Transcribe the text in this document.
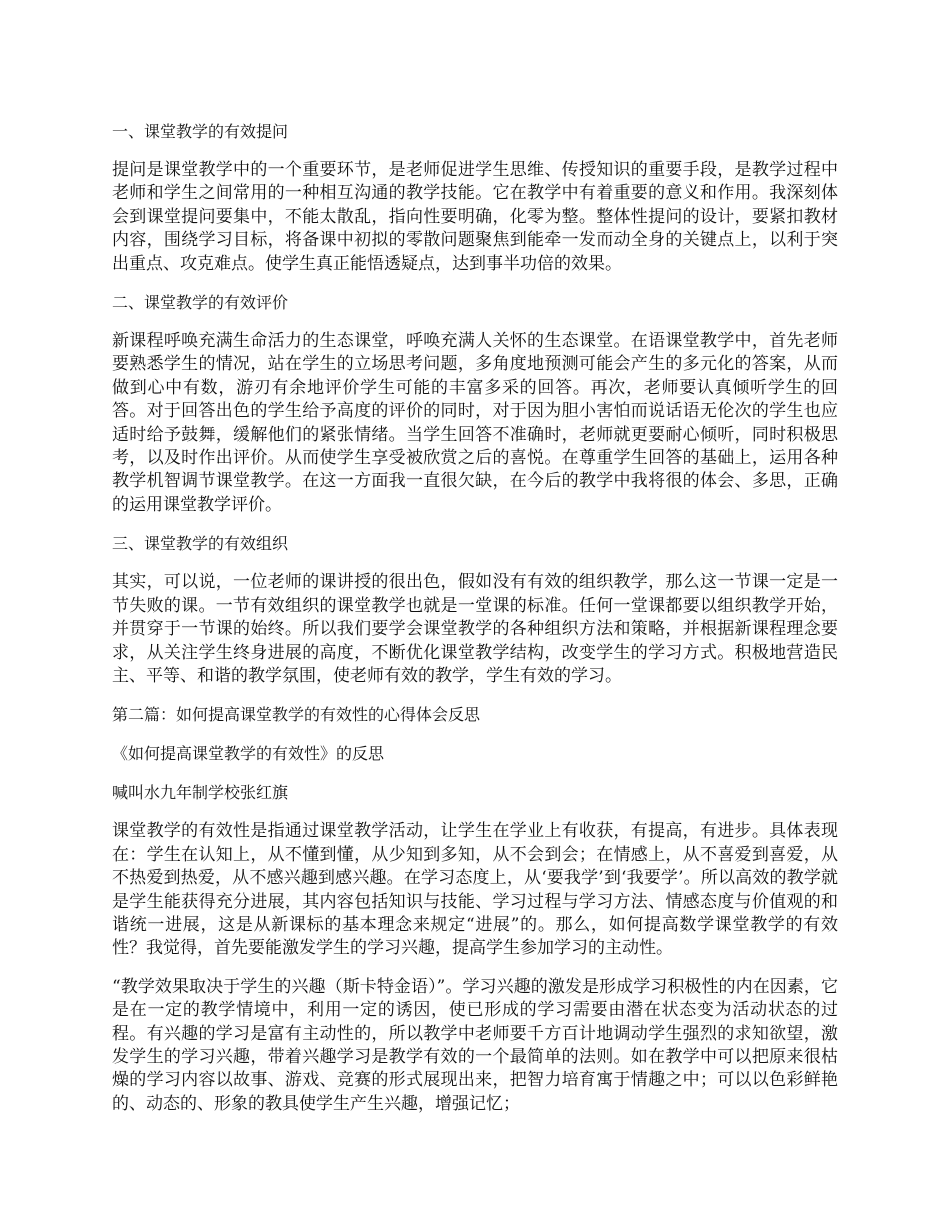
一、课堂教学的有效提问

提问是课堂教学中的一个重要环节，是老师促进学生思维、传授知识的重要手段，是教学过程中老师和学生之间常用的一种相互沟通的教学技能。它在教学中有着重要的意义和作用。我深刻体会到课堂提问要集中，不能太散乱，指向性要明确，化零为整。整体性提问的设计，要紧扣教材内容，围绕学习目标，将备课中初拟的零散问题聚焦到能牵一发而动全身的关键点上，以利于突出重点、攻克难点。使学生真正能悟透疑点，达到事半功倍的效果。

二、课堂教学的有效评价

新课程呼唤充满生命活力的生态课堂，呼唤充满人关怀的生态课堂。在语课堂教学中，首先老师要熟悉学生的情况，站在学生的立场思考问题，多角度地预测可能会产生的多元化的答案，从而做到心中有数，游刃有余地评价学生可能的丰富多采的回答。再次，老师要认真倾听学生的回答。对于回答出色的学生给予高度的评价的同时，对于因为胆小害怕而说话语无伦次的学生也应适时给予鼓舞，缓解他们的紧张情绪。当学生回答不准确时，老师就更要耐心倾听，同时积极思考，以及时作出评价。从而使学生享受被欣赏之后的喜悦。在尊重学生回答的基础上，运用各种教学机智调节课堂教学。在这一方面我一直很欠缺，在今后的教学中我将很的体会、多思，正确的运用课堂教学评价。

三、课堂教学的有效组织

其实，可以说，一位老师的课讲授的很出色，假如没有有效的组织教学，那么这一节课一定是一节失败的课。一节有效组织的课堂教学也就是一堂课的标准。任何一堂课都要以组织教学开始，并贯穿于一节课的始终。所以我们要学会课堂教学的各种组织方法和策略，并根据新课程理念要求，从关注学生终身进展的高度，不断优化课堂教学结构，改变学生的学习方式。积极地营造民主、平等、和谐的教学氛围，使老师有效的教学，学生有效的学习。

第二篇：如何提高课堂教学的有效性的心得体会反思
《如何提高课堂教学的有效性》的反思
喊叫水九年制学校张红旗

课堂教学的有效性是指通过课堂教学活动，让学生在学业上有收获，有提高，有进步。具体表现在：学生在认知上，从不懂到懂，从少知到多知，从不会到会；在情感上，从不喜爱到喜爱，从不热爱到热爱，从不感兴趣到感兴趣。在学习态度上，从‘要我学’到‘我要学’。所以高效的教学就是学生能获得充分进展，其内容包括知识与技能、学习过程与学习方法、情感态度与价值观的和谐统一进展，这是从新课标的基本理念来规定“进展”的。那么，如何提高数学课堂教学的有效性？我觉得，首先要能激发学生的学习兴趣，提高学生参加学习的主动性。

“教学效果取决于学生的兴趣（斯卡特金语）”。学习兴趣的激发是形成学习积极性的内在因素，它是在一定的教学情境中，利用一定的诱因，使已形成的学习需要由潜在状态变为活动状态的过程。有兴趣的学习是富有主动性的，所以教学中老师要千方百计地调动学生强烈的求知欲望，激发学生的学习兴趣，带着兴趣学习是教学有效的一个最简单的法则。如在教学中可以把原来很枯燥的学习内容以故事、游戏、竞赛的形式展现出来，把智力培育寓于情趣之中；可以以色彩鲜艳的、动态的、形象的教具使学生产生兴趣，增强记忆；
